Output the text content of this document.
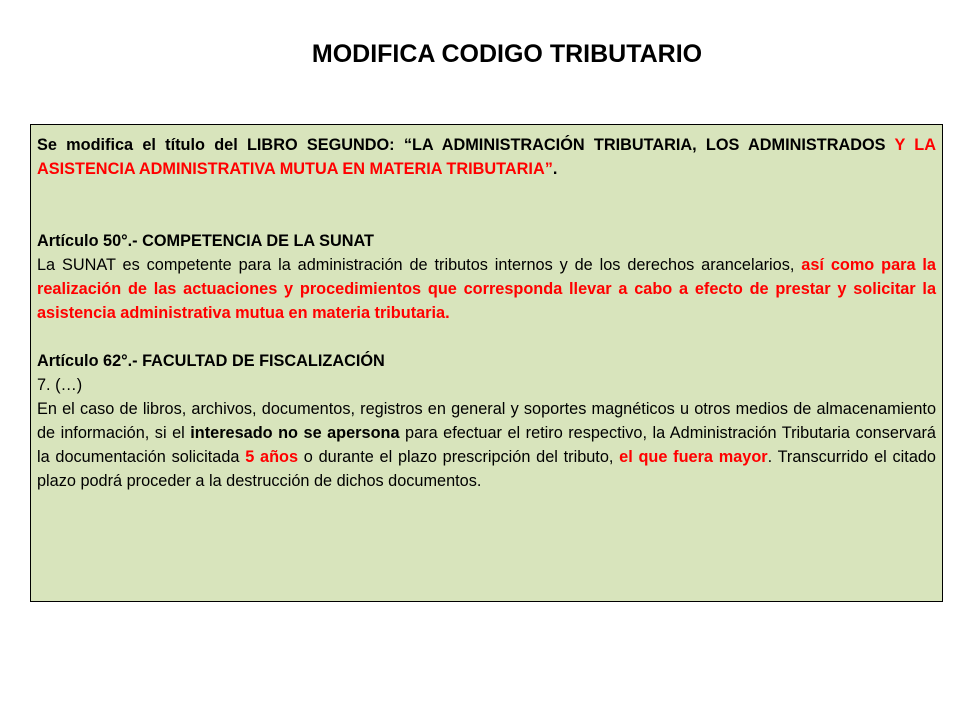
MODIFICA CODIGO TRIBUTARIO

Se modifica el título del LIBRO SEGUNDO: “LA ADMINISTRACIÓN TRIBUTARIA, LOS ADMINISTRADOS Y LA ASISTENCIA ADMINISTRATIVA MUTUA EN MATERIA TRIBUTARIA”.

Artículo 50°.- COMPETENCIA DE LA SUNAT

La SUNAT es competente para la administración de tributos internos y de los derechos arancelarios, así como para la realización de las actuaciones y procedimientos que corresponda llevar a cabo a efecto de prestar y solicitar la asistencia administrativa mutua en materia tributaria.

Artículo 62°.- FACULTAD DE FISCALIZACIÓN

7. (…)

En el caso de libros, archivos, documentos, registros en general y soportes magnéticos u otros medios de almacenamiento de información, si el interesado no se apersona para efectuar el retiro respectivo, la Administración Tributaria conservará la documentación solicitada 5 años o durante el plazo prescripción del tributo, el que fuera mayor. Transcurrido el citado plazo podrá proceder a la destrucción de dichos documentos.
